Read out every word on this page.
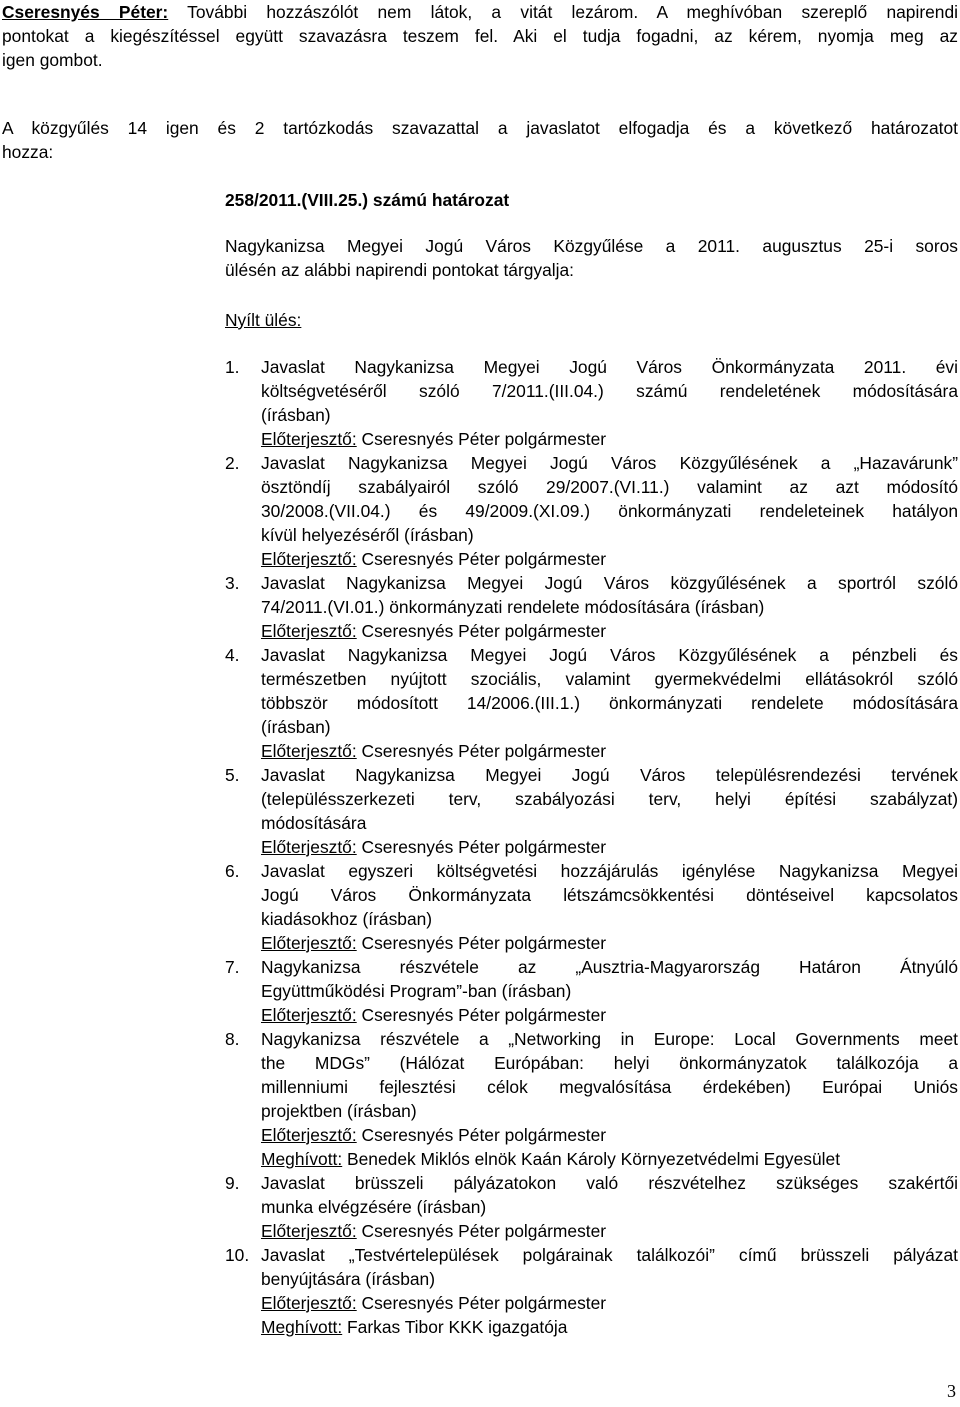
Cseresnyés Péter: További hozzászólót nem látok, a vitát lezárom. A meghívóban szereplő napirendi
pontokat a kiegészítéssel együtt szavazásra teszem fel. Aki el tudja fogadni, az kérem, nyomja meg az
igen gombot.
A közgyűlés 14 igen és 2 tartózkodás szavazattal a javaslatot elfogadja és a következő határozatot
hozza:
258/2011.(VIII.25.) számú határozat
Nagykanizsa Megyei Jogú Város Közgyűlése a 2011. augusztus 25-i soros
ülésén az alábbi napirendi pontokat tárgyalja:
Nyílt ülés:
1. Javaslat Nagykanizsa Megyei Jogú Város Önkormányzata 2011. évi
költségvetéséről szóló 7/2011.(III.04.) számú rendeletének módosítására
(írásban)
Előterjesztő: Cseresnyés Péter polgármester
2. Javaslat Nagykanizsa Megyei Jogú Város Közgyűlésének a „Hazavárunk”
ösztöndíj szabályairól szóló 29/2007.(VI.11.) valamint az azt módosító
30/2008.(VII.04.) és 49/2009.(XI.09.) önkormányzati rendeleteinek hatályon
kívül helyezéséről (írásban)
Előterjesztő: Cseresnyés Péter polgármester
3. Javaslat Nagykanizsa Megyei Jogú Város közgyűlésének a sportról szóló
74/2011.(VI.01.) önkormányzati rendelete módosítására (írásban)
Előterjesztő: Cseresnyés Péter polgármester
4. Javaslat Nagykanizsa Megyei Jogú Város Közgyűlésének a pénzbeli és
természetben nyújtott szociális, valamint gyermekvédelmi ellátásokról szóló
többször módosított 14/2006.(III.1.) önkormányzati rendelete módosítására
(írásban)
Előterjesztő: Cseresnyés Péter polgármester
5. Javaslat Nagykanizsa Megyei Jogú Város településrendezési tervének
(településszerkezeti terv, szabályozási terv, helyi építési szabályzat)
módosítására
Előterjesztő: Cseresnyés Péter polgármester
6. Javaslat egyszeri költségvetési hozzájárulás igénylése Nagykanizsa Megyei
Jogú Város Önkormányzata létszámcsökkentési döntéseivel kapcsolatos
kiadásokhoz (írásban)
Előterjesztő: Cseresnyés Péter polgármester
7. Nagykanizsa részvétele az „Ausztria-Magyarország Határon Átnyúló
Együttműködési Program”-ban (írásban)
Előterjesztő: Cseresnyés Péter polgármester
8. Nagykanizsa részvétele a „Networking in Europe: Local Governments meet
the MDGs” (Hálózat Európában: helyi önkormányzatok találkozója a
millenniumi fejlesztési célok megvalósítása érdekében) Európai Uniós
projektben (írásban)
Előterjesztő: Cseresnyés Péter polgármester
Meghívott: Benedek Miklós elnök Kaán Károly Környezetvédelmi Egyesület
9. Javaslat brüsszeli pályázatokon való részvételhez szükséges szakértői
munka elvégzésére (írásban)
Előterjesztő: Cseresnyés Péter polgármester
10. Javaslat „Testvértelepülések polgárainak találkozói” című brüsszeli pályázat
benyújtására (írásban)
Előterjesztő: Cseresnyés Péter polgármester
Meghívott: Farkas Tibor KKK igazgatója
3
